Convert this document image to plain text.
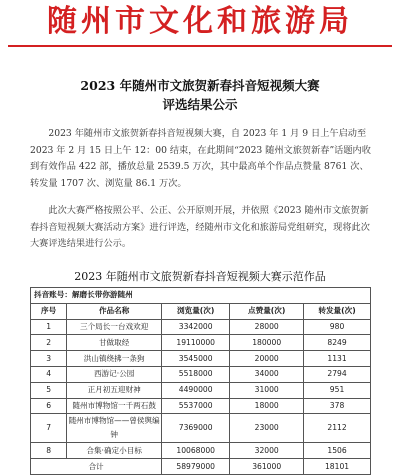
随州市文化和旅游局
2023 年随州市文旅贺新春抖音短视频大赛
评选结果公示

2023 年随州市文旅贺新春抖音短视频大赛，自 2023 年 1 月 9 日上午启动至 2023 年 2 月 15 日上午 12：00 结束，在此期间“2023 随州文旅贺新春”话题内收到有效作品 422 部，播放总量 2539.5 万次，其中最高单个作品点赞量 8761 次、转发量 1707 次、浏览量 86.1 万次。

此次大赛严格按照公平、公正、公开原则开展，并依照《2023 随州市文旅贺新春抖音短视频大赛活动方案》进行评选，经随州市文化和旅游局党组研究，现将此次大赛评选结果进行公示。

2023 年随州市文旅贺新春抖音短视频大赛示范作品
抖音账号：解磨长带你游随州				
序号	作品名称	浏览量(次)	点赞量(次)	转发量(次)
1	三个局长一台戏欢迎	3342000	28000	980
2	甘做取经	19110000	180000	8249
3	洪山镇绕拂一条狗	3545000	20000	1131
4	西游记·公园	5518000	34000	2794
5	正月初五迎财神	4490000	31000	951
6	随州市博物馆一千两石鼓	5537000	18000	378
7	随州市博物馆——曾侯舆编钟	7369000	23000	2112
8	合集·确定小目标	10068000	32000	1506
合计		58979000	361000	18101
